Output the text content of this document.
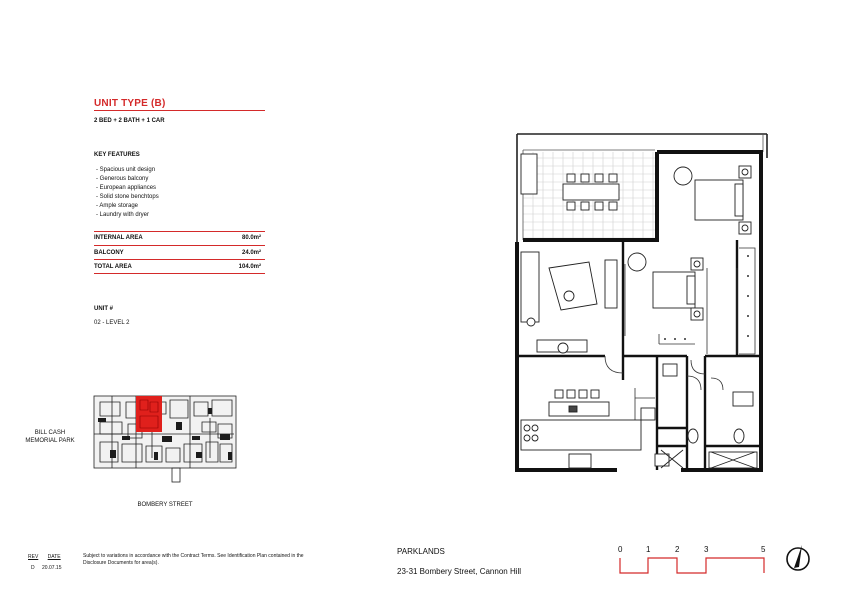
UNIT TYPE (B)
2 BED + 2 BATH + 1 CAR
KEY FEATURES
- Spacious unit design
- Generous balcony
- European appliances
- Solid stone benchtops
- Ample storage
- Laundry with dryer
INTERNAL AREA	80.0m²
BALCONY	24.0m²
TOTAL AREA	104.0m²
UNIT #
02 - LEVEL 2
BILL CASH MEMORIAL PARK
BOMBERY STREET
REV DATE
D 20.07.15
Subject to variations in accordance with the Contract Terms. See Identification Plan contained in the Disclosure Documents for area(s).
PARKLANDS
23-31 Bombery Street, Cannon Hill
0	1	2	3	5
